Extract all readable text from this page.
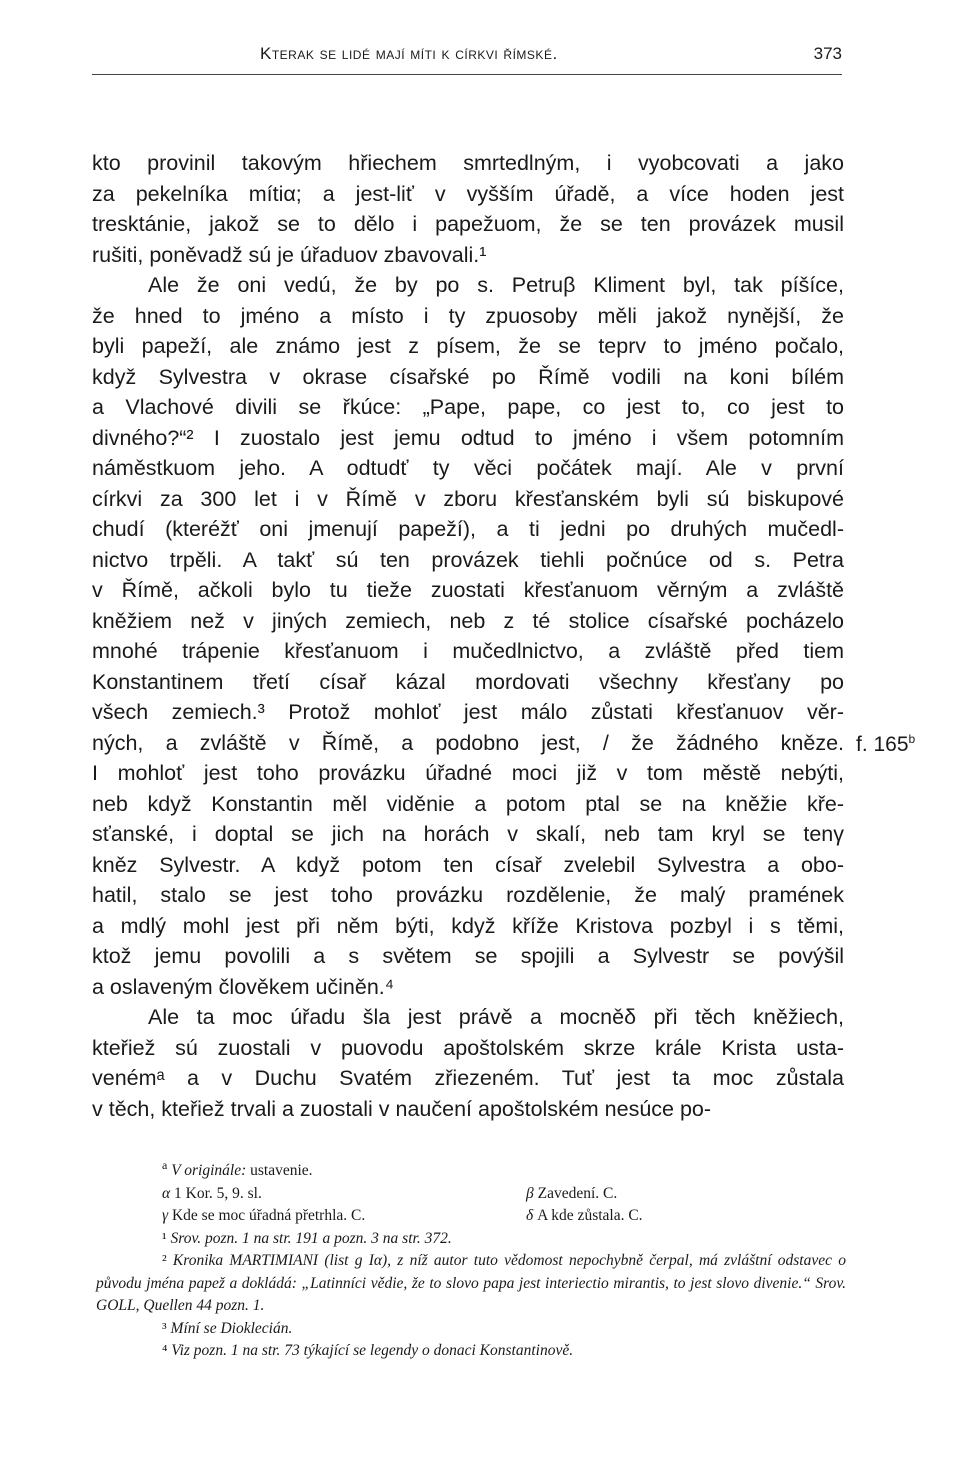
Kterak se lidé mají míti k církvi římské.	373
kto provinil takovým hřiechem smrtedlným, i vyobcovati a jako
za pekelníka mítiα; a jest-liť v vyšším úřadě, a více hoden jest
tresktánie, jakož se to dělo i papežuom, že se ten provázek musil
rušiti, poněvadž sú je úřaduov zbavovali.¹
Ale že oni vedú, že by po s. Petruβ Kliment byl, tak píšíce,
že hned to jméno a místo i ty zpuosoby měli jakož nynější, že
byli papeží, ale známo jest z písem, že se teprv to jméno počalo,
když Sylvestra v okrase císařské po Římě vodili na koni bílém
a Vlachové divili se řkúce: „Pape, pape, co jest to, co jest to
divného?“² I zuostalo jest jemu odtud to jméno i všem potomním
náměstkuom jeho. A odtudť ty věci počátek mají. Ale v první
církvi za 300 let i v Římě v zboru křesťanském byli sú biskupové
chudí (kteréžť oni jmenují papeží), a ti jedni po druhých mučedl-
nictvo trpěli. A takť sú ten provázek tiehli počnúce od s. Petra
v Římě, ačkoli bylo tu tieže zuostati křesťanuom věrným a zvláště
kněžiem než v jiných zemiech, neb z té stolice císařské pocházelo
mnohé trápenie křesťanuom i mučedlnictvo, a zvláště před tiem
Konstantinem třetí císař kázal mordovati všechny křesťany po
všech zemiech.³ Protož mohloť jest málo zůstati křesťanuov věr-
ných, a zvláště v Římě, a podobno jest, / že žádného kněze.
I mohloť jest toho provázku úřadné moci již v tom městě nebýti,
neb když Konstantin měl viděnie a potom ptal se na kněžie kře-
sťanské, i doptal se jich na horách v skalí, neb tam kryl se tenγ
kněz Sylvestr. A když potom ten císař zvelebil Sylvestra a obo-
hatil, stalo se jest toho provázku rozdělenie, že malý pramének
a mdlý mohl jest při něm býti, když kříže Kristova pozbyl i s těmi,
ktož jemu povolili a s světem se spojili a Sylvestr se povýšil
a oslaveným člověkem učiněn.⁴
Ale ta moc úřadu šla jest právě a mocněδ při těch kněžiech,
kteřiež sú zuostali v puovodu apoštolském skrze krále Krista usta-
venémᵃ a v Duchu Svatém zřiezeném. Tuť jest ta moc zůstala
v těch, kteřiež trvali a zuostali v naučení apoštolském nesúce po-
f. 165$^b$
$^a$ V originále: ustavenie.
α 1 Kor. 5, 9. sl.	β Zavedení. C.
γ Kde se moc úřadná přetrhla. C.	δ A kde zůstala. C.
¹ Srov. pozn. 1 na str. 191 a pozn. 3 na str. 372.
² Kronika MARTIMIANI (list g Iα), z níž autor tuto vědomost nepochybně čerpal, má zvláštní odstavec o původu jména papež a dokládá: „Latinníci vědie, že to slovo papa jest interiectio mirantis, to jest slovo divenie.“ Srov. GOLL, Quellen 44 pozn. 1.
³ Míní se Dioklecián.
⁴ Viz pozn. 1 na str. 73 týkající se legendy o donaci Konstantinově.
